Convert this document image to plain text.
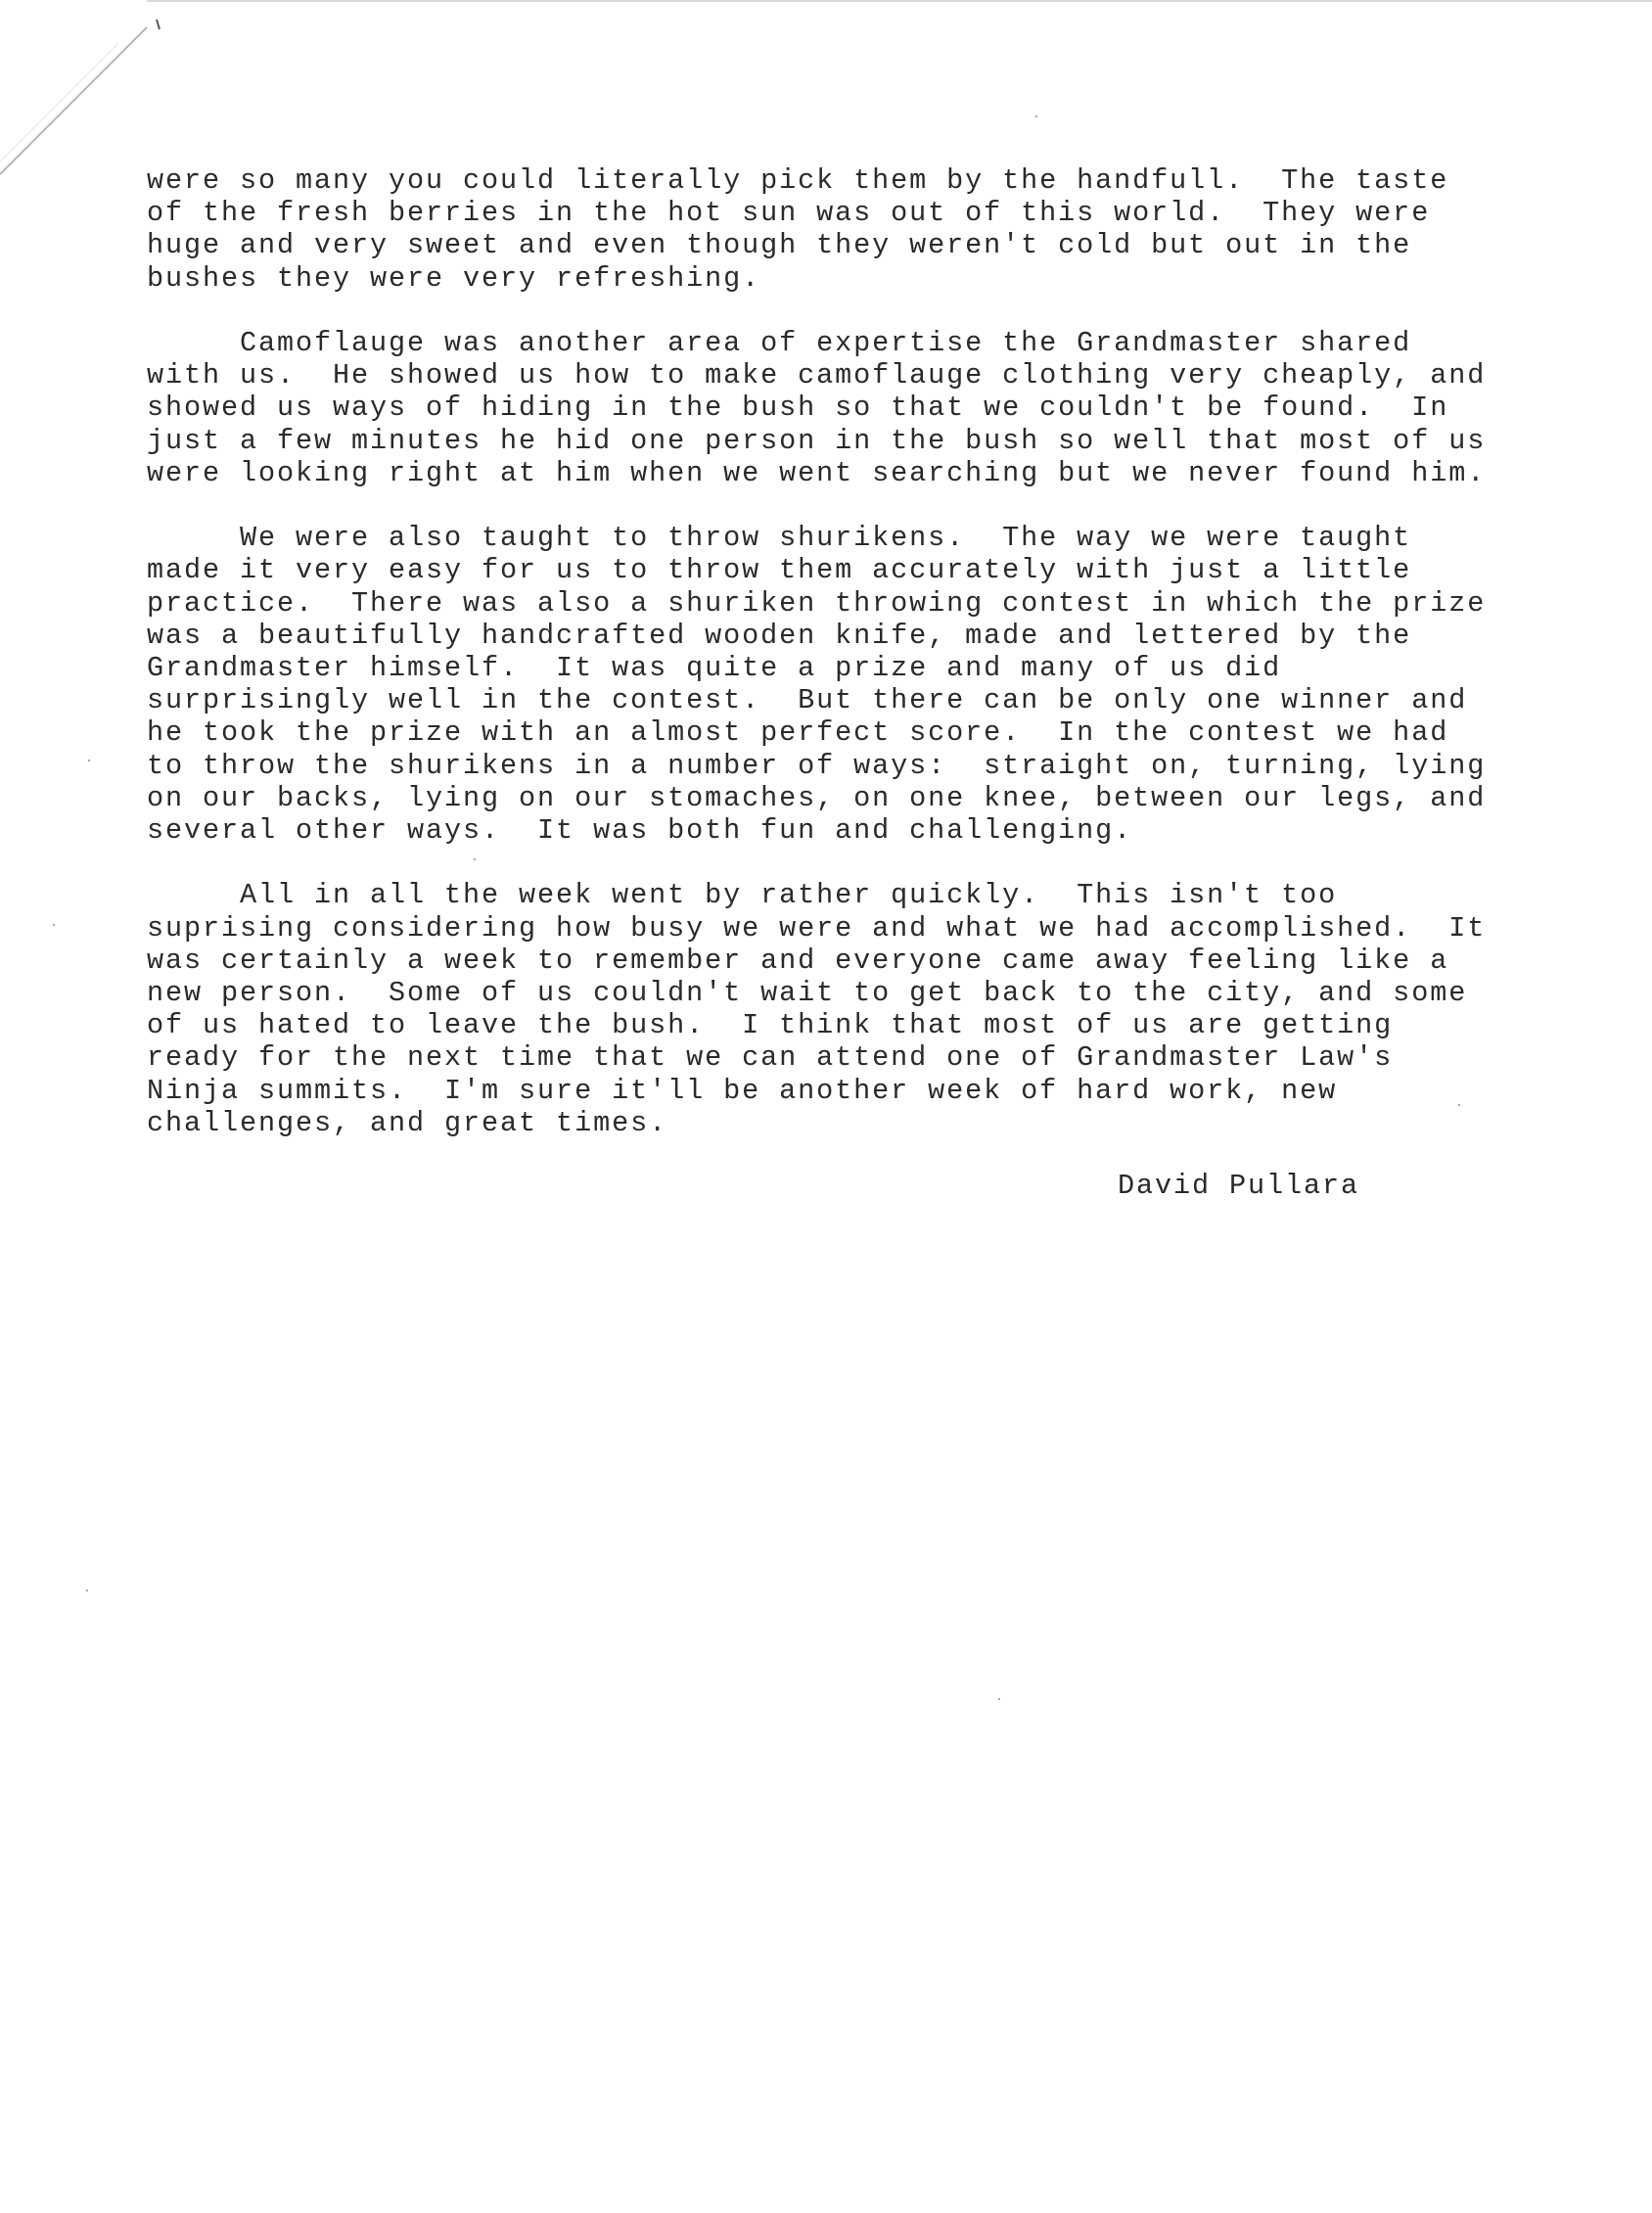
were so many you could literally pick them by the handfull.  The taste
of the fresh berries in the hot sun was out of this world.  They were
huge and very sweet and even though they weren't cold but out in the
bushes they were very refreshing.

Camoflauge was another area of expertise the Grandmaster shared
with us.  He showed us how to make camoflauge clothing very cheaply, and
showed us ways of hiding in the bush so that we couldn't be found.  In
just a few minutes he hid one person in the bush so well that most of us
were looking right at him when we went searching but we never found him.

We were also taught to throw shurikens.  The way we were taught
made it very easy for us to throw them accurately with just a little
practice.  There was also a shuriken throwing contest in which the prize
was a beautifully handcrafted wooden knife, made and lettered by the
Grandmaster himself.  It was quite a prize and many of us did
surprisingly well in the contest.  But there can be only one winner and
he took the prize with an almost perfect score.  In the contest we had
to throw the shurikens in a number of ways:  straight on, turning, lying
on our backs, lying on our stomaches, on one knee, between our legs, and
several other ways.  It was both fun and challenging.

All in all the week went by rather quickly.  This isn't too
suprising considering how busy we were and what we had accomplished.  It
was certainly a week to remember and everyone came away feeling like a
new person.  Some of us couldn't wait to get back to the city, and some
of us hated to leave the bush.  I think that most of us are getting
ready for the next time that we can attend one of Grandmaster Law's
Ninja summits.  I'm sure it'll be another week of hard work, new
challenges, and great times.

David Pullara
